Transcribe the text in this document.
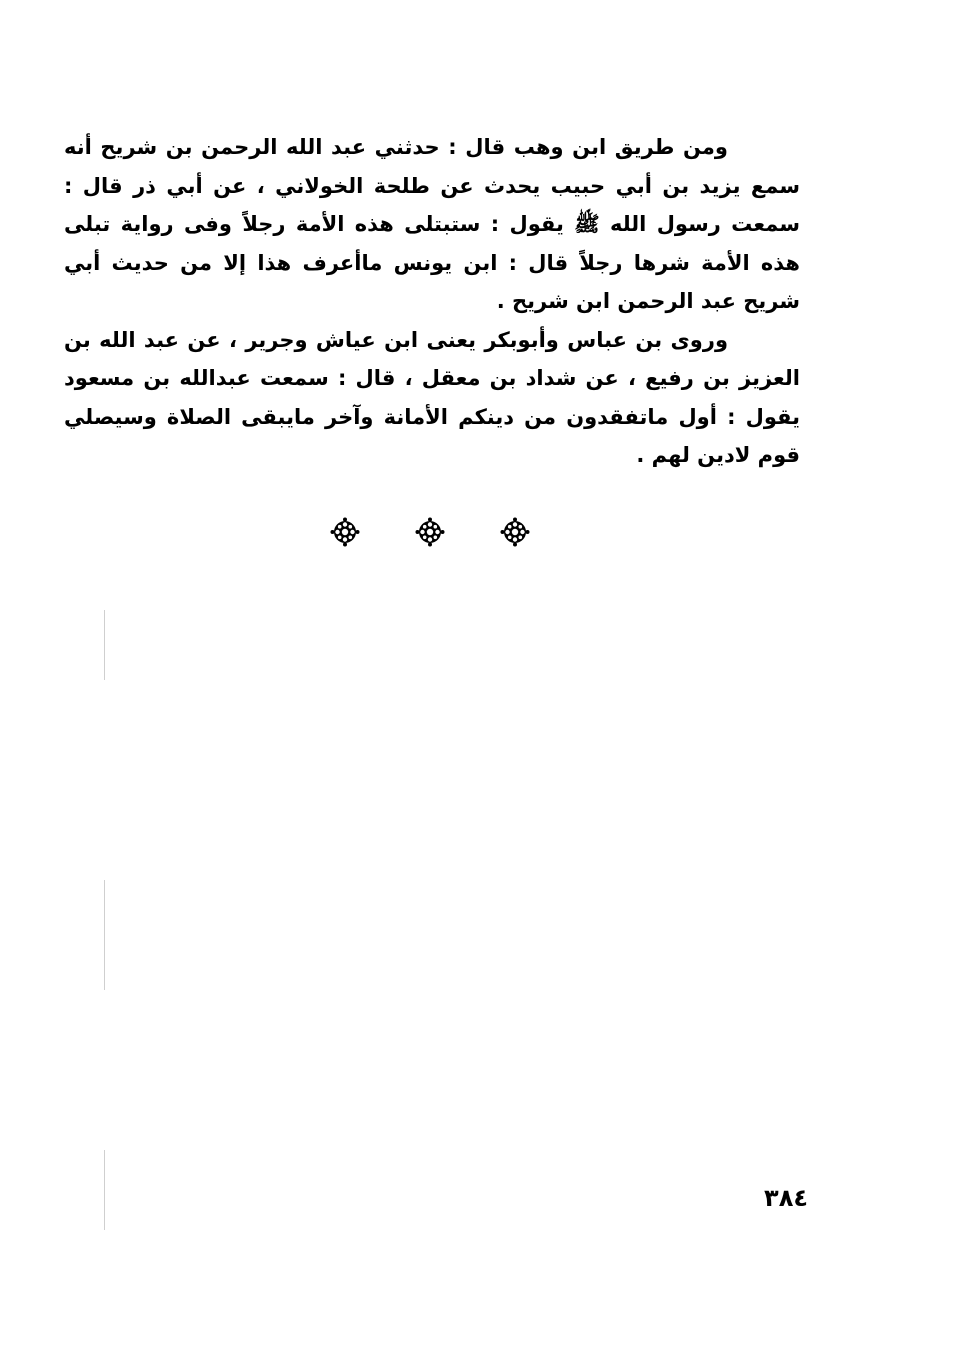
ومن طريق ابن وهب قال : حدثني عبد الله الرحمن بن شريح أنه سمع يزيد بن أبي حبيب يحدث عن طلحة الخولاني ، عن أبي ذر قال : سمعت رسول الله ﷺ يقول : ستبتلى هذه الأمة رجلاً وفى رواية تبلى هذه الأمة شرها رجلاً قال : ابن يونس ماأعرف هذا إلا من حديث أبي شريح عبد الرحمن ابن شريح .

وروى بن عباس وأبوبكر يعنى ابن عياش وجرير ، عن عبد الله بن العزيز بن رفيع ، عن شداد بن معقل ، قال : سمعت عبدالله بن مسعود يقول : أول ماتفقدون من دينكم الأمانة وآخر مايبقى الصلاة وسيصلي قوم لادين لهم .

٣٨٤
